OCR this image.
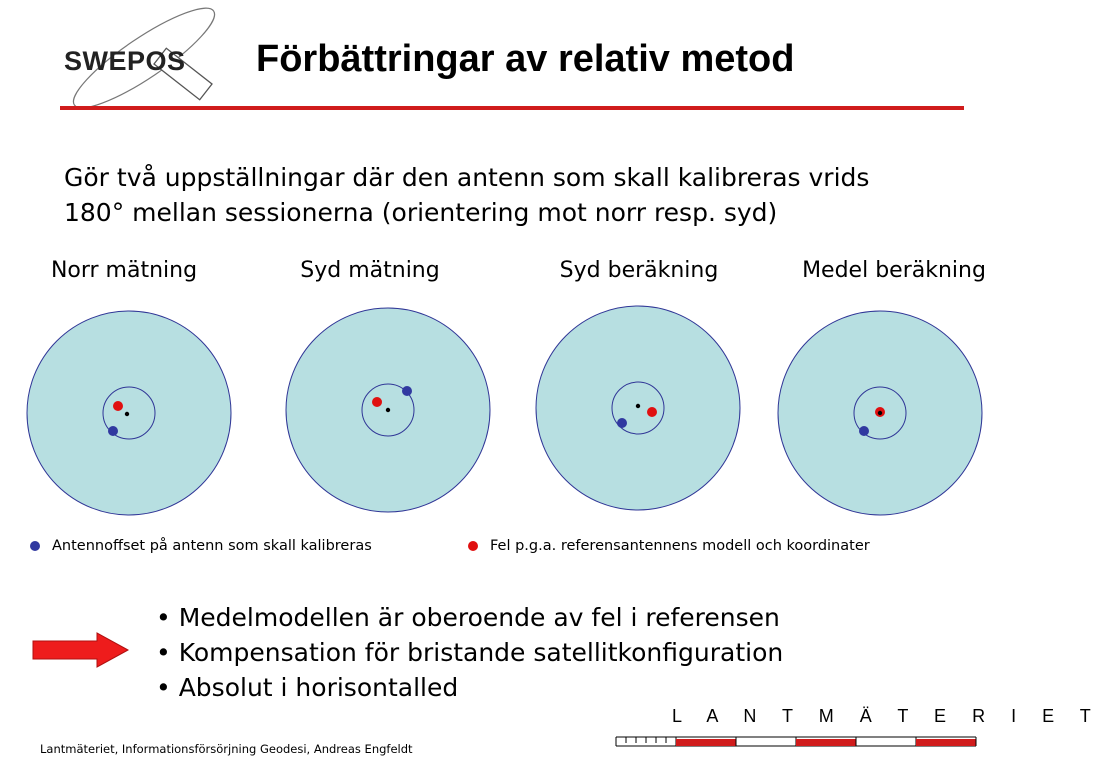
SWEPOS Förbättringar av relativ metod
Gör två uppställningar där den antenn som skall kalibreras vrids
180° mellan sessionerna (orientering mot norr resp. syd)
Norr mätning	Syd mätning	Syd beräkning	Medel beräkning
Antennoffset på antenn som skall kalibreras	Fel p.g.a. referensantennens modell och koordinater
• Medelmodellen är oberoende av fel i referensen
• Kompensation för bristande satellitkonfiguration
• Absolut i horisontalled
Lantmäteriet, Informationsförsörjning Geodesi, Andreas Engfeldt
L A N T M Ä T E R I E T
